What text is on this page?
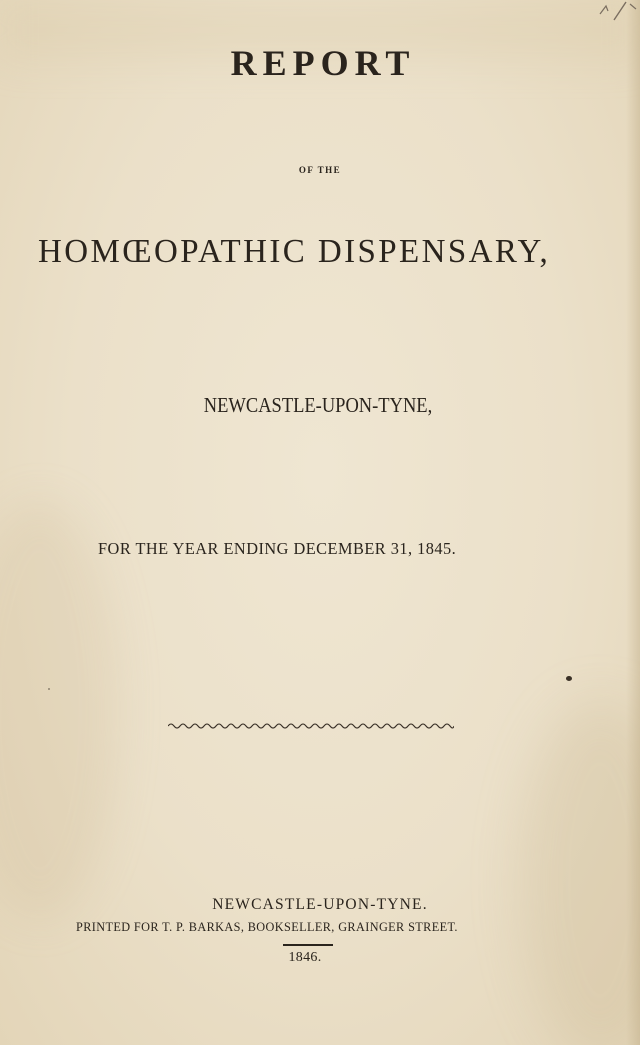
REPORT

OF THE

HOMŒOPATHIC DISPENSARY,

NEWCASTLE-UPON-TYNE,

FOR THE YEAR ENDING DECEMBER 31, 1845.

NEWCASTLE-UPON-TYNE.

PRINTED FOR T. P. BARKAS, BOOKSELLER, GRAINGER STREET.

1846.
